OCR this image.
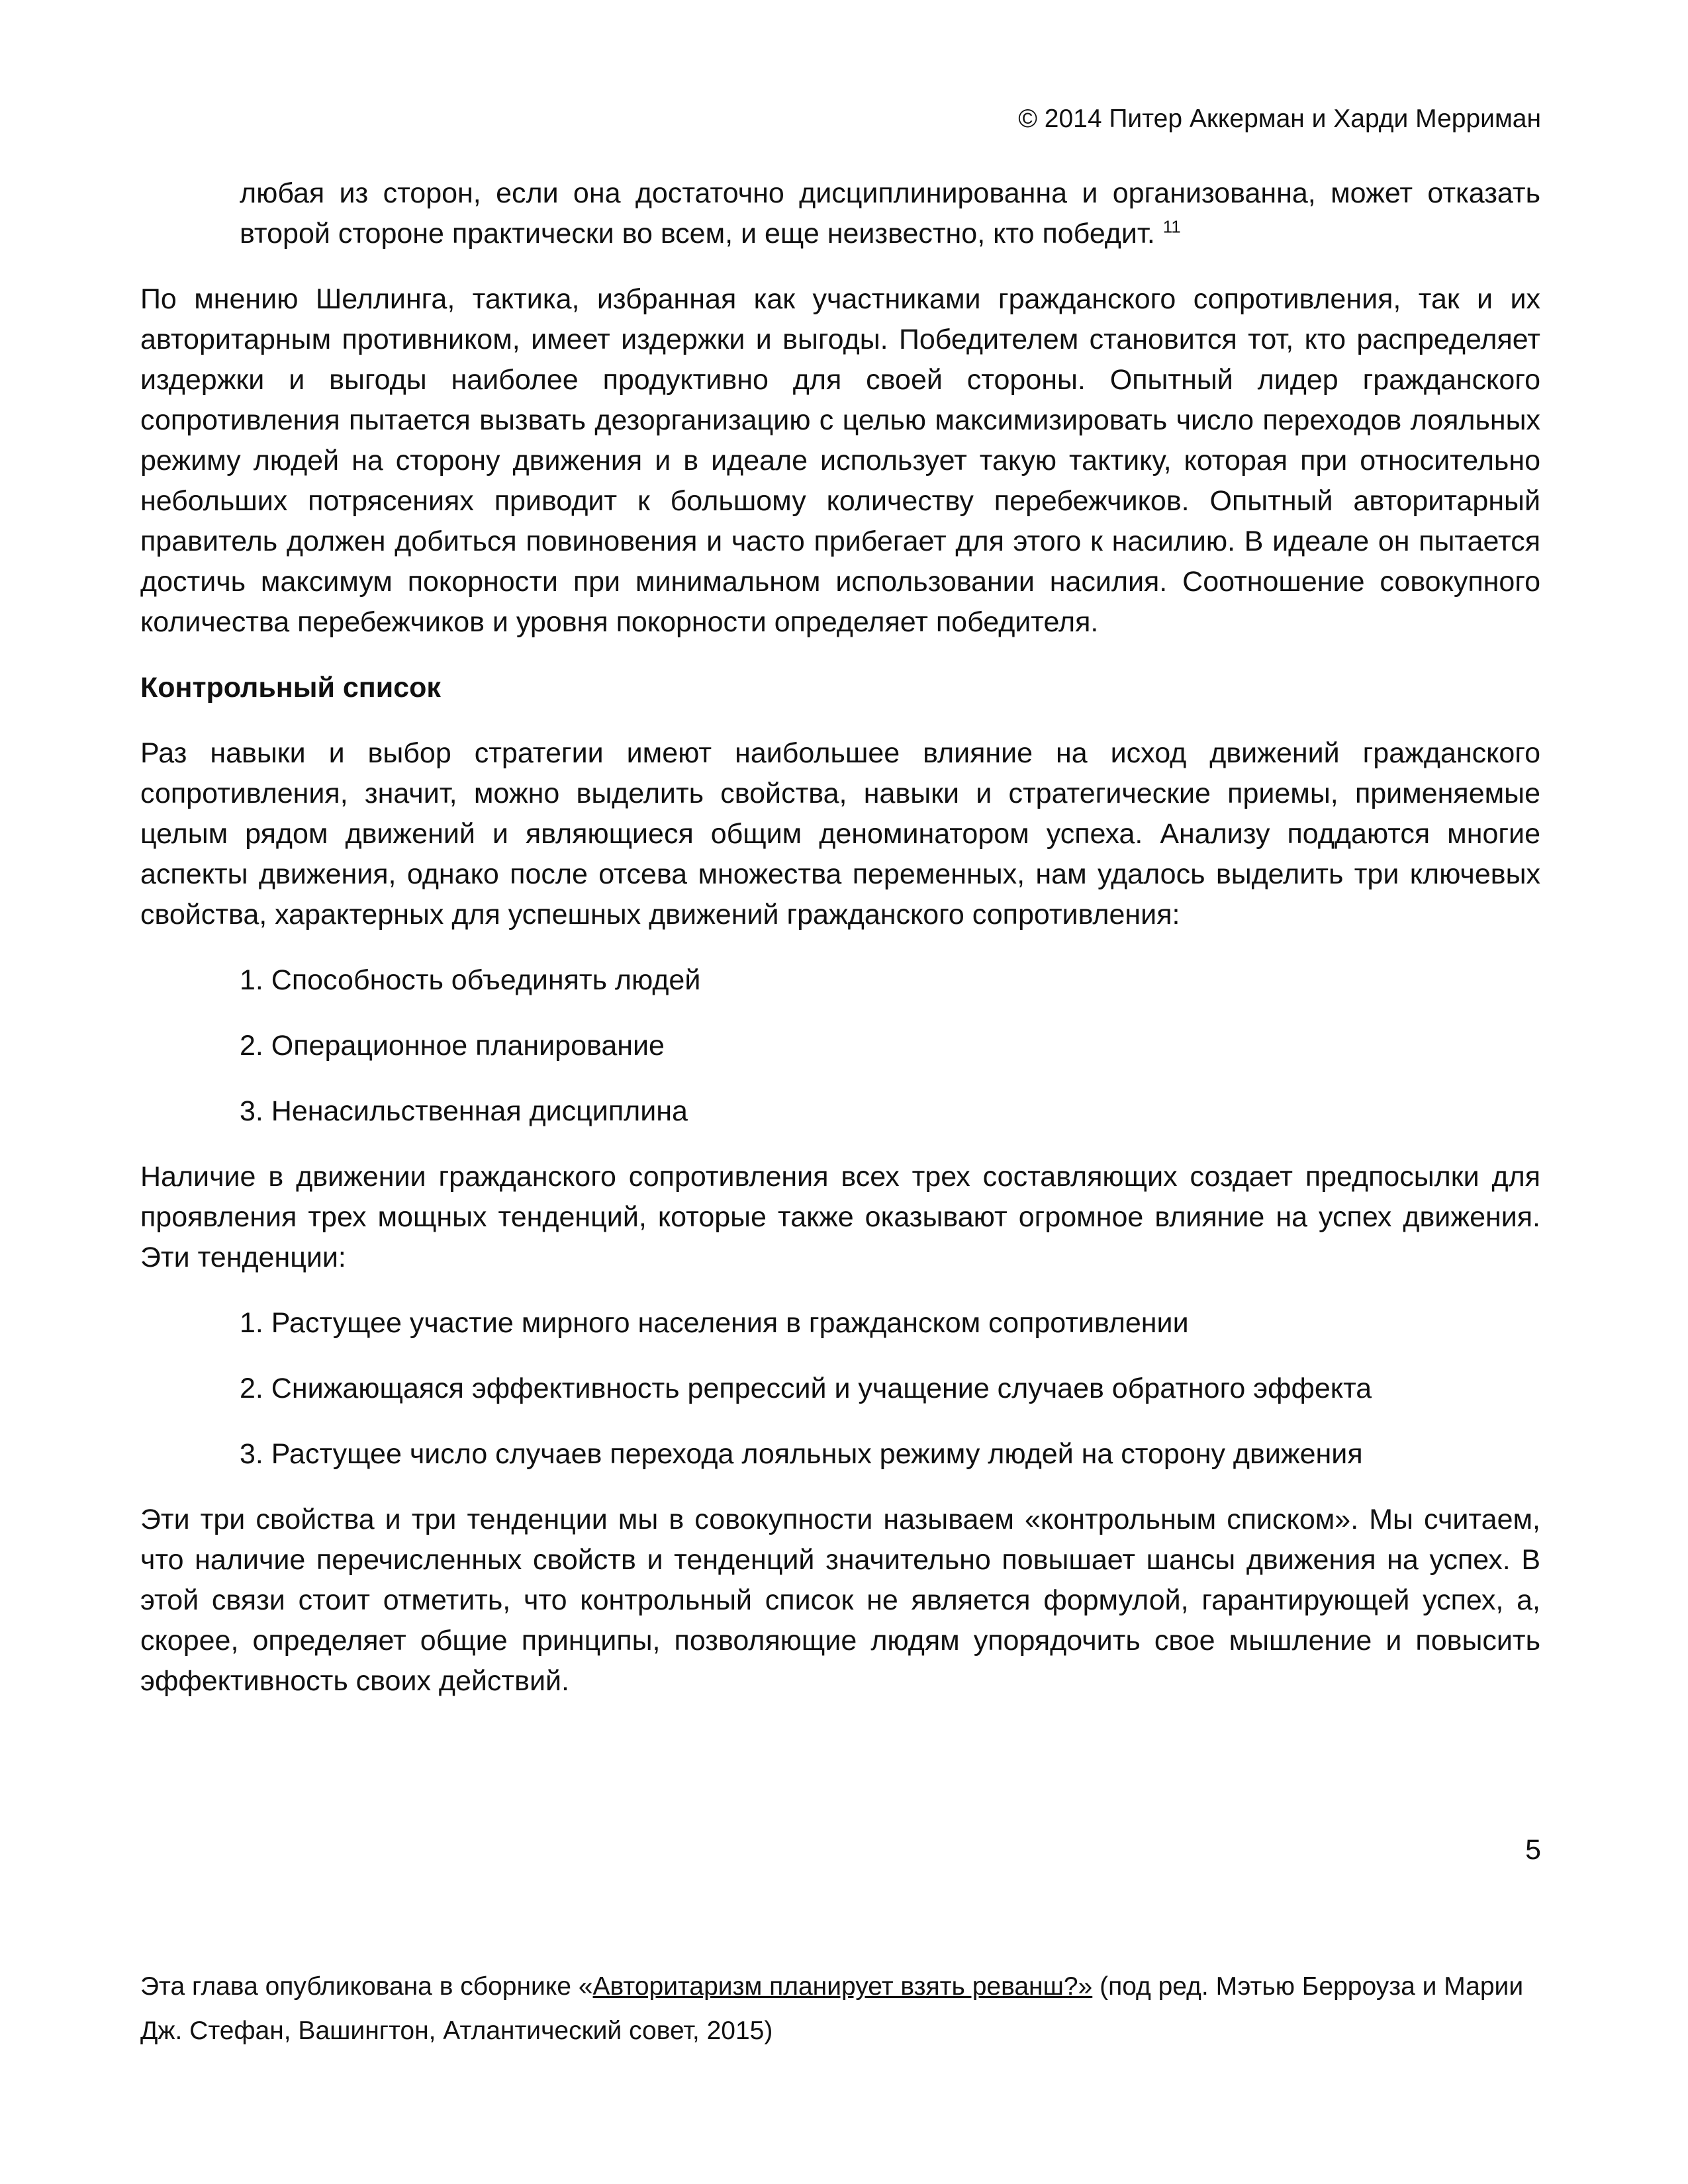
© 2014 Питер Аккерман и Харди Мерриман

любая из сторон, если она достаточно дисциплинированна и организованна, может отказать второй стороне практически во всем, и еще неизвестно, кто победит. $^{11}$

По мнению Шеллинга, тактика, избранная как участниками гражданского сопротивления, так и их авторитарным противником, имеет издержки и выгоды. Победителем становится тот, кто распределяет издержки и выгоды наиболее продуктивно для своей стороны. Опытный лидер гражданского сопротивления пытается вызвать дезорганизацию с целью максимизировать число переходов лояльных режиму людей на сторону движения и в идеале использует такую тактику, которая при относительно небольших потрясениях приводит к большому количеству перебежчиков. Опытный авторитарный правитель должен добиться повиновения и часто прибегает для этого к насилию. В идеале он пытается достичь максимум покорности при минимальном использовании насилия. Соотношение совокупного количества перебежчиков и уровня покорности определяет победителя.

Контрольный список

Раз навыки и выбор стратегии имеют наибольшее влияние на исход движений гражданского сопротивления, значит, можно выделить свойства, навыки и стратегические приемы, применяемые целым рядом движений и являющиеся общим деноминатором успеха. Анализу поддаются многие аспекты движения, однако после отсева множества переменных, нам удалось выделить три ключевых свойства, характерных для успешных движений гражданского сопротивления:

1. Способность объединять людей

2. Операционное планирование

3. Ненасильственная дисциплина

Наличие в движении гражданского сопротивления всех трех составляющих создает предпосылки для проявления трех мощных тенденций, которые также оказывают огромное влияние на успех движения. Эти тенденции:

1. Растущее участие мирного населения в гражданском сопротивлении

2. Снижающаяся эффективность репрессий и учащение случаев обратного эффекта

3. Растущее число случаев перехода лояльных режиму людей на сторону движения

Эти три свойства и три тенденции мы в совокупности называем «контрольным списком». Мы считаем, что наличие перечисленных свойств и тенденций значительно повышает шансы движения на успех. В этой связи стоит отметить, что контрольный список не является формулой, гарантирующей успех, а, скорее, определяет общие принципы, позволяющие людям упорядочить свое мышление и повысить эффективность своих действий.

5
Эта глава опубликована в сборнике «Авторитаризм планирует взять реванш?» (под ред. Мэтью Берроуза и Марии Дж. Стефан, Вашингтон, Атлантический совет, 2015)
